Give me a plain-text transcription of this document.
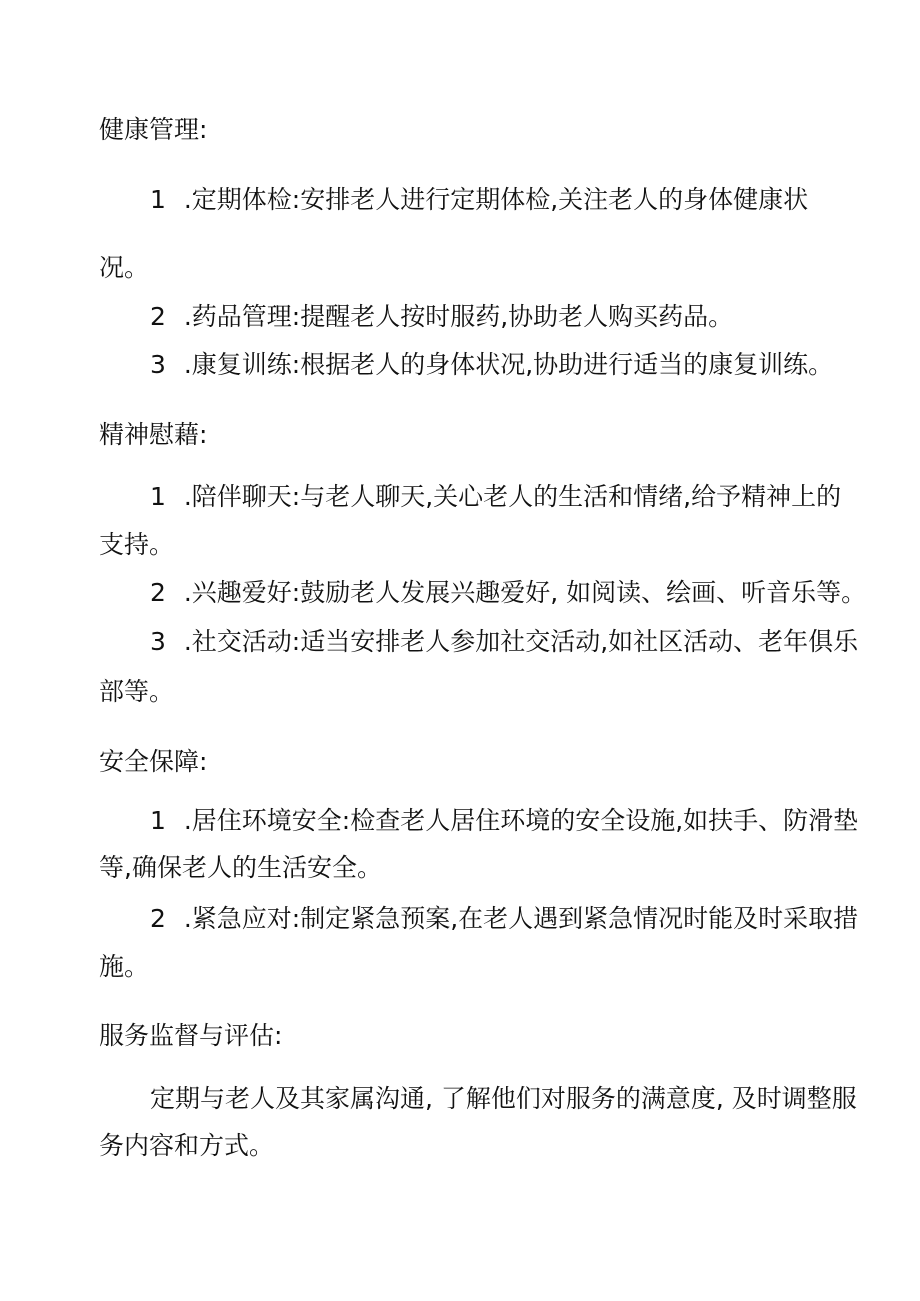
健康管理:
1 .定期体检:安排老人进行定期体检,关注老人的身体健康状
况。
2 .药品管理:提醒老人按时服药,协助老人购买药品。
3 .康复训练:根据老人的身体状况,协助进行适当的康复训练。
精神慰藉:
1 .陪伴聊天:与老人聊天,关心老人的生活和情绪,给予精神上的
支持。
2 .兴趣爱好:鼓励老人发展兴趣爱好, 如阅读、绘画、听音乐等。
3 .社交活动:适当安排老人参加社交活动,如社区活动、老年俱乐
部等。
安全保障:
1 .居住环境安全:检查老人居住环境的安全设施,如扶手、防滑垫
等,确保老人的生活安全。
2 .紧急应对:制定紧急预案,在老人遇到紧急情况时能及时采取措
施。
服务监督与评估:
定期与老人及其家属沟通, 了解他们对服务的满意度, 及时调整服
务内容和方式。
